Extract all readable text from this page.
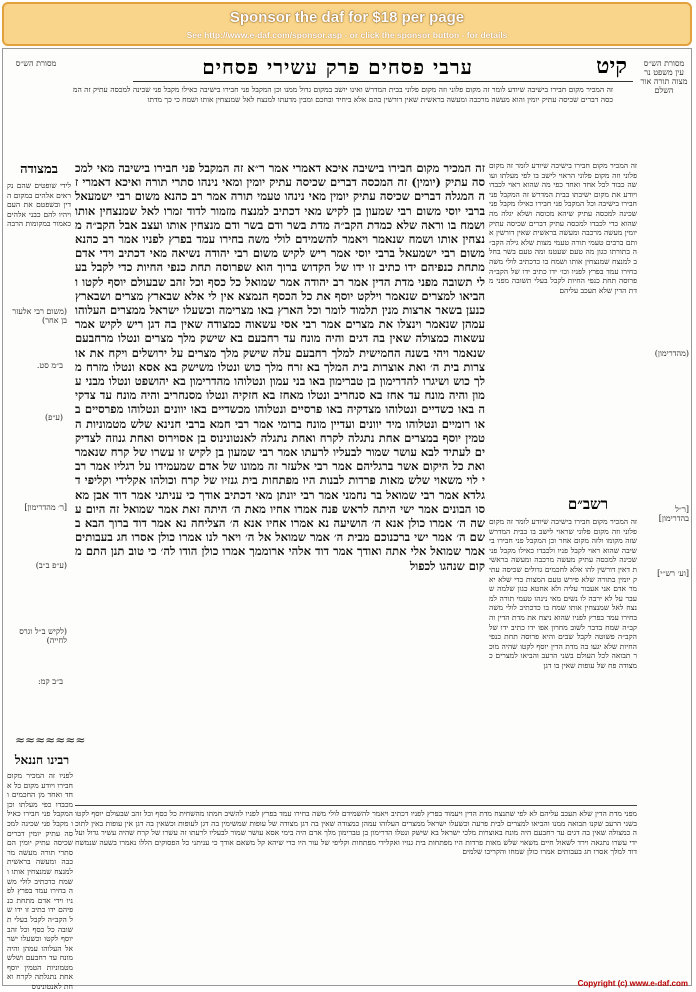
Sponsor the daf for $18 per page
See http://www.e-daf.com/sponsor.asp - or click the sponsor button - for details
קיט
ערבי פסחים פרק עשירי פסחים
מסורת הש״ס
(משום רבי אלעזר בן אחר)
ב״מ סט.
(ע״פ)
[ר׳ מהדרימון]
(ע״פ ב״ב)
(לקיש ב״ל וגרס לחייה)
ב״ב קמ:
מסורת הש״ס עין משפט נר מצוה תורה אור השלם
(מהדרימון)
[ר״ל בהדרימון]
[וע׳ רש״י]
זה המכיר מקום חבירו בישיבה שיודע לומר זה מקום פלוני וזה מקום פלוני בבית המדרש ואינו יושב במקום גדול ממנו וכן המקבל פני חבירו בישיבה כאילו מקבל פני שכינה למכסה עתיק זה המכסה דברים שכיסה עתיק יומין והוא מעשה מרכבה ומעשה בראשית שאין דורשין בהם אלא ביחיד ובחכם ומבין מדעתו למנצח לאל שמנצחין אותו ושמח כי כך מדתו
זה המכיר מקום חבירו בישיבה שיודע לומר זה מקום פלוני וזה מקום פלוני הראוי לישב בו לפי מעלתו ועושה כבוד לכל אחד ואחד כפי מה שהוא ראוי לכבדו ויודע את מקום ישיבתו בבית המדרש זה המקבל פני חבירו בישיבה וכל המקבל פני חבירו כאילו מקבל פני שכינה למכסה עתיק שיהא מכוסה ושלא יגלה מה שהוא כדי לכבדו למכסה עתיק דברים שכיסה עתיק יומין מעשה מרכבה ומעשה בראשית שאין דורשין אותם ברבים טעמי תורה טעמי מצות שלא גילה הקב״ה בתורתו כגון מה טעם שעטנז ומה טעם בשר בחלב למנצח שמנצחין אותו ושמח בו כדכתיב לולי משה בחירו עמד בפרץ לפניו וכו׳ ידו כתיב ידו של הקב״ה פרוסה תחת כנפי החיות לקבל בעלי תשובה מפני מדת הדין שלא תעכב עליהם
רשב״ם
זה המכיר מקום חבירו בישיבה שיודע לומר זה מקום פלוני וזה מקום פלוני שראוי לישב בו בבית המדרש שזה מקומו ולזה מקום אחר וכן המקבל פני חבירו בישיבה שהוא ראוי לקבל פניו ולכבדו כאילו מקבל פני שכינה למכסה עתיק מעשה מרכבה ומעשה בראשית דאין דורשין להו אלא לחכמים גדולים שכיסה עתיק יומין בתורה שלא פירש טעם המצות כדי שלא יאמר אדם אני אעבור עליה ולא אחטא כגון שלמה שעבר על לא ירבה לו נשים מאי נינהו טעמי תורה למנצח לאל שמנצחין אותו שמח בו כדכתיב לולי משה בחירו עמד בפרץ לפניו שהוא ניצח את מדת הדין והקב״ה שמח בדבר לשוב מחרון אפו ידו כתיב ידו של הקב״ה פשוטה לקבל שבים והיא פרוסה תחת כנפי החיות שלא יגעו בה מדת הדין יוסף לקטו שהיה מוכר תבואה לכל העולם בשני הרעב והביאו למצרים כמצודה פח של עופות שאין בו דגן
זה המכיר מקום חבירו בישיבה איכא דאמרי אמר ר״א זה המקבל פני חבירו בישיבה מאי למכסה עתיק (יומין) זה המכסה דברים שכיסה עתיק יומין ומאי נינהו סתרי תורה ואיכא דאמרי זה המגלה דברים שכיסה עתיק יומין מאי נינהו טעמי תורה אמר רב כהנא משום רבי ישמעאל ברבי יוסי משום רבי שמעון בן לקיש מאי דכתיב למנצח מזמור לדוד זמרו לאל שמנצחין אותו ושמח בו וראה שלא כמדת הקב״ה מדת בשר ודם בשר ודם מנצחין אותו ועצב אבל הקב״ה מנצחין אותו ושמח שנאמר ויאמר להשמידם לולי משה בחירו עמד בפרץ לפניו אמר רב כהנא משום רבי ישמעאל ברבי יוסי אמר ריש לקיש משום רבי יהודה נשיאה מאי דכתיב וידי אדם מתחת כנפיהם ידו כתיב זו ידו של הקדוש ברוך הוא שפרוסה תחת כנפי החיות כדי לקבל בעלי תשובה מפני מדת הדין אמר רב יהודה אמר שמואל כל כסף וכל זהב שבעולם יוסף לקטו והביאו למצרים שנאמר וילקט יוסף את כל הכסף הנמצא אין לי אלא שבארץ מצרים ושבארץ כנען בשאר ארצות מנין תלמוד לומר וכל הארץ באו מצרימה וכשעלו ישראל ממצרים העלוהו עמהן שנאמר וינצלו את מצרים אמר רבי אסי עשאוה כמצודה שאין בה דגן ריש לקיש אמר עשאוה כמצולה שאין בה דגים והיה מונח עד רחבעם בא שישק מלך מצרים ונטלו מרחבעם שנאמר ויהי בשנה החמישית למלך רחבעם עלה שישק מלך מצרים על ירושלים ויקח את אוצרות בית ה׳ ואת אוצרות בית המלך בא זרח מלך כוש ונטלו משישק בא אסא ונטלו מזרח מלך כוש ושיגרו להדרימון בן טברימון באו בני עמון ונטלוהו מהדרימון בא יהושפט ונטלו מבני עמון והיה מונח עד אחז בא סנחריב ונטלו מאחז בא חזקיה ונטלו מסנחריב והיה מונח עד צדקיה באו כשדיים ונטלוהו מצדקיה באו פרסיים ונטלוהו מכשדיים באו יוונים ונטלוהו מפרסיים באו רומיים ונטלוהו מיד יוונים ועדיין מונח ברומי אמר רבי חמא ברבי חנינא שלש מטמוניות הטמין יוסף במצרים אחת נתגלה לקרח ואחת נתגלה לאנטונינוס בן אסוירוס ואחת גנוזה לצדיקים לעתיד לבא עושר שמור לבעליו לרעתו אמר רבי שמעון בן לקיש זו עשרו של קרח שנאמר ואת כל היקום אשר ברגליהם אמר רבי אלעזר זה ממונו של אדם שמעמידו על רגליו אמר רבי לוי משאוי שלש מאות פרדות לבנות היו מפתחות בית גנזיו של קרח וכולהו אקלידי וקליפי דגלדא אמר רבי שמואל בר נחמני אמר רבי יונתן מאי דכתיב אודך כי עניתני אמר דוד אבן מאסו הבונים אמר ישי היתה לראש פנה אמרו אחיו מאת ה׳ היתה זאת אמר שמואל זה היום עשה ה׳ אמרו כולן אנא ה׳ הושיעה נא אמרו אחיו אנא ה׳ הצליחה נא אמר דוד ברוך הבא בשם ה׳ אמר ישי ברכנוכם מבית ה׳ אמר שמואל אל ה׳ ויאר לנו אמרו כולן אסרו חג בעבותים אמר שמואל אלי אתה ואודך אמר דוד אלהי ארוממך אמרו כולן הודו לה׳ כי טוב תנן התם מקום שנהגו לכפול
במצודה
לידי שופטים שהם נקראים אלהים במקום הדין ובשפטם את העם ויהיו להם כבני אלהים כאמור במקומות הרבה
≈≈≈≈≈≈≈
רבינו חננאל
לפניו זה המכיר מקום חבירו ויודע מקום כל אחד ואחד מן החכמים ומכבדו כפי מעלתו וכן המקבל פני חבירו כאילו מקבל פני שכינה למכסה עתיק יומין דברים שכיסה עתיק יומין הם סתרי תורה מעשה מרכבה ומעשה בראשית למנצח שמנצחין אותו ושמח כדכתיב לולי משה בחירו עמד בפרץ לפניו וידי אדם מתחת כנפיהם ידו כתיב זו ידו של הקב״ה לקבל בעלי תשובה כל כסף וכל זהב יוסף לקטו וכשעלו ישראל העלוהו עמהן והיה מונח עד רחבעם ושלש מטמוניות הטמין יוסף אחת נתגלתה לקרח ואחת לאנטונינוס
מפני מדת הדין שלא תעכב עליהם לא לפי שתנצח מדת הדין ויעמוד בפרץ לפניו דכתיב ויאמר להשמידם לולי משה בחירו עמד בפרץ לפניו להשיב חמתו מהשחית כל כסף וכל זהב שבעולם יוסף לקטו בשני הרעב שקנו תבואה ממנו והביאו למצרים לבית פרעה וכשעלו ישראל ממצרים העלוהו עמהן כמצודה שאין בה דגן מצודה של עופות שמשימין בה דגן לעופות וכשאין בה דגן אין עופות באין לתוכה כמצולה שאין בה דגים עד רחבעם היה מונח באוצרות מלכי ישראל בא שישק ונטלו הדרימון בן טברימון מלך ארם היה בימי אסא עושר שמור לבעליו לרעתו זה עשרו של קרח שהיה עשיר גדול ועל ידי עשרו נתגאה וירד לשאול חיים משאוי שלש מאות פרדות היו מפתחות בית גנזיו ואקלידי מפתחות וקליפי של עור היו כדי שיהא קל משאם אודך כי עניתני כל הפסוקים הללו נאמרו בשעה שנמשח דוד למלך אסרו חג בעבותים אמרו כולן שמחו והקריבו שלמים
Copyright (c) www.e-daf.com
